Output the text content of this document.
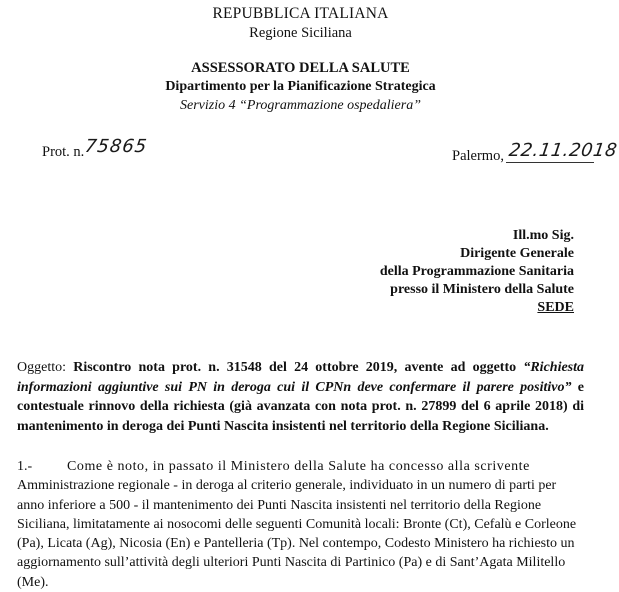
REPUBBLICA ITALIANA
Regione Siciliana
ASSESSORATO DELLA SALUTE
Dipartimento per la Pianificazione Strategica
Servizio 4 “Programmazione ospedaliera”
Prot. n. 75865	Palermo, 22.11.2018
Ill.mo Sig.
Dirigente Generale
della Programmazione Sanitaria
presso il Ministero della Salute
SEDE
Oggetto: Riscontro nota prot. n. 31548 del 24 ottobre 2019, avente ad oggetto “Richiesta informazioni aggiuntive sui PN in deroga cui il CPNn deve confermare il parere positivo” e contestuale rinnovo della richiesta (già avanzata con nota prot. n. 27899 del 6 aprile 2018) di mantenimento in deroga dei Punti Nascita insistenti nel territorio della Regione Siciliana.

1.- Come è noto, in passato il Ministero della Salute ha concesso alla scrivente

Amministrazione regionale - in deroga al criterio generale, individuato in un numero di parti per

anno inferiore a 500 - il mantenimento dei Punti Nascita insistenti nel territorio della Regione

Siciliana, limitatamente ai nosocomi delle seguenti Comunità locali: Bronte (Ct), Cefalù e Corleone

(Pa), Licata (Ag), Nicosia (En) e Pantelleria (Tp). Nel contempo, Codesto Ministero ha richiesto un

aggiornamento sull’attività degli ulteriori Punti Nascita di Partinico (Pa) e di Sant’Agata Militello

(Me).
